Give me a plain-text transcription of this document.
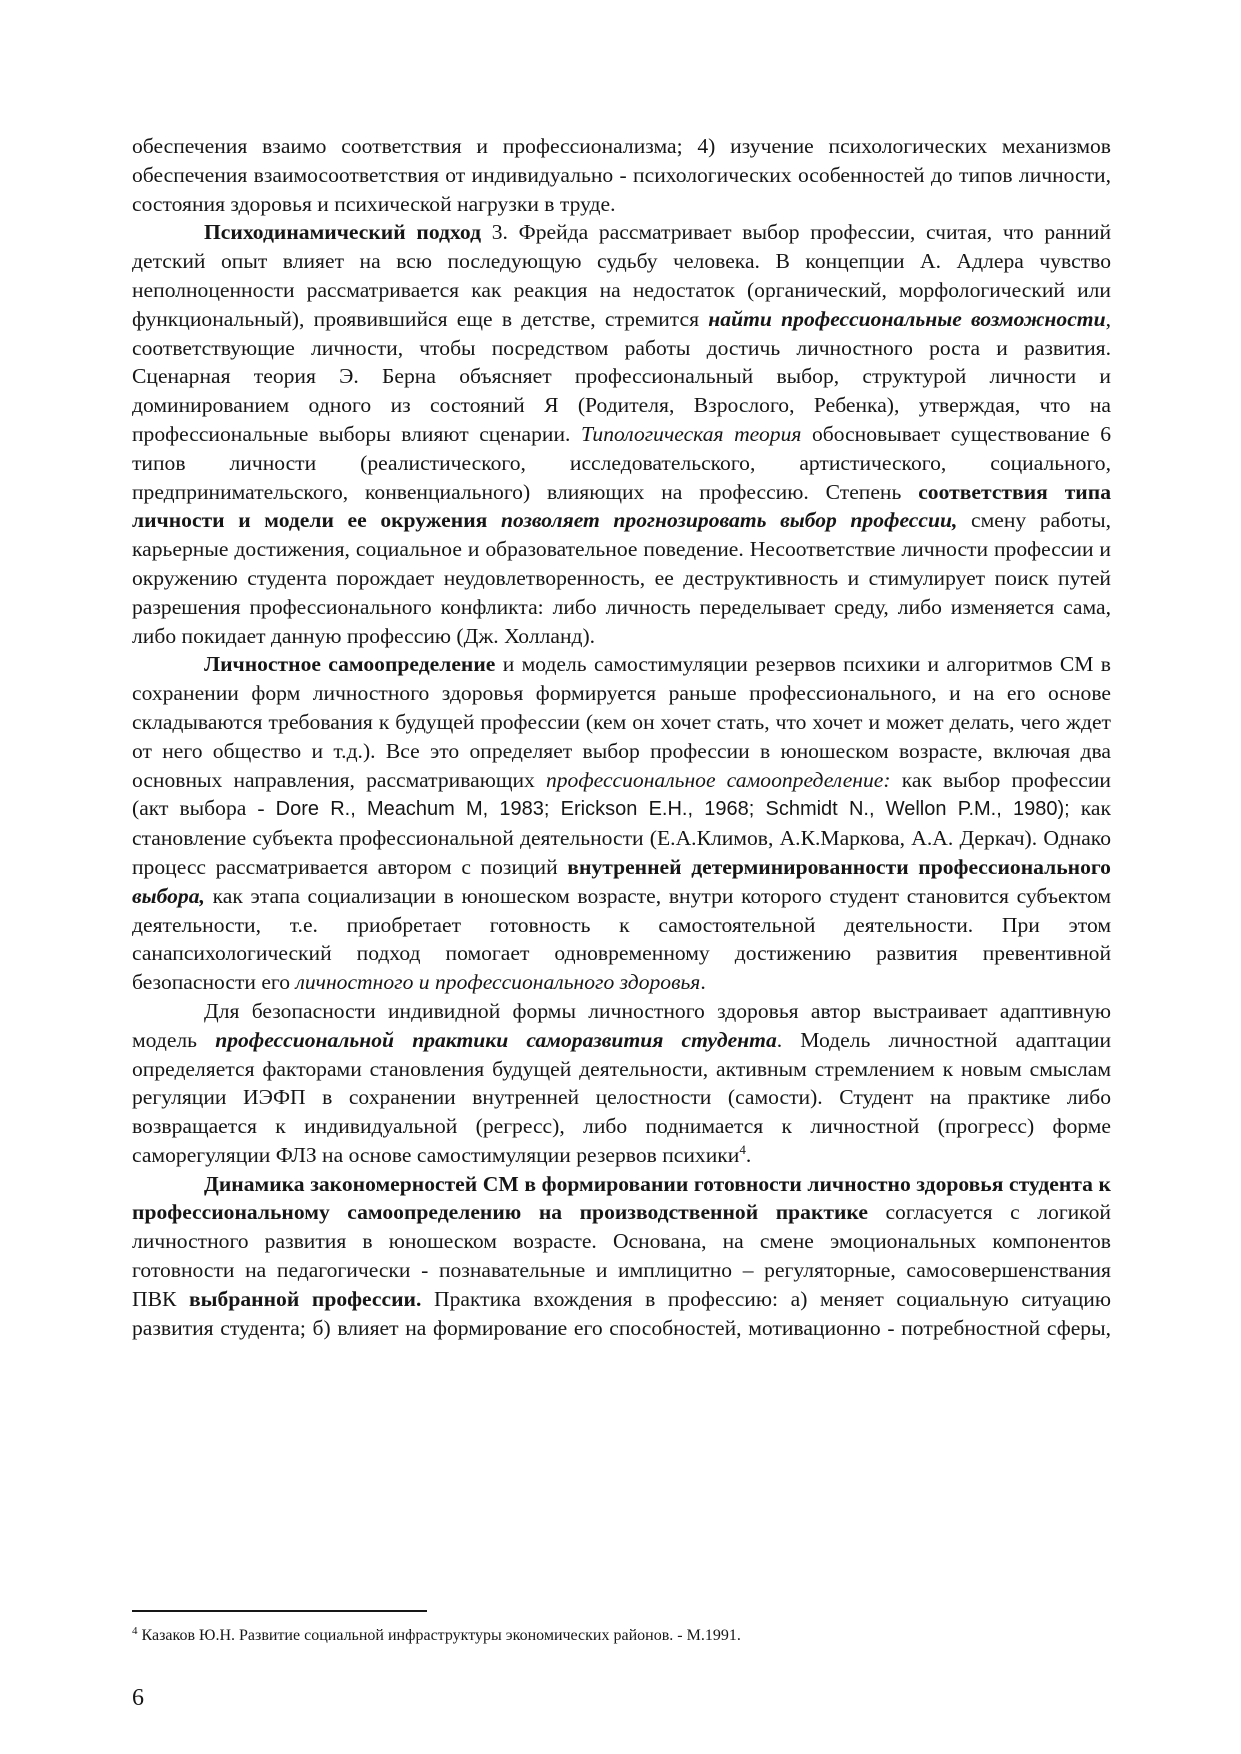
обеспечения взаимо соответствия и профессионализма; 4) изучение психологических механизмов обеспечения взаимосоответствия от индивидуально - психологических особенностей до типов личности, состояния здоровья и психической нагрузки в труде.

Психодинамический подход 3. Фрейда рассматривает выбор профессии, считая, что ранний детский опыт влияет на всю последующую судьбу человека. В концепции А. Адлера чувство неполноценности рассматривается как реакция на недостаток (органический, морфологический или функциональный), проявившийся еще в детстве, стремится найти профессиональные возможности, соответствующие личности, чтобы посредством работы достичь личностного роста и развития. Сценарная теория Э. Берна объясняет профессиональный выбор, структурой личности и доминированием одного из состояний Я (Родителя, Взрослого, Ребенка), утверждая, что на профессиональные выборы влияют сценарии. Типологическая теория обосновывает существование 6 типов личности (реалистического, исследовательского, артистического, социального, предпринимательского, конвенциального) влияющих на профессию. Степень соответствия типа личности и модели ее окружения позволяет прогнозировать выбор профессии, смену работы, карьерные достижения, социальное и образовательное поведение. Несоответствие личности профессии и окружению студента порождает неудовлетворенность, ее деструктивность и стимулирует поиск путей разрешения профессионального конфликта: либо личность переделывает среду, либо изменяется сама, либо покидает данную профессию (Дж. Холланд).

Личностное самоопределение и модель самостимуляции резервов психики и алгоритмов СМ в сохранении форм личностного здоровья формируется раньше профессионального, и на его основе складываются требования к будущей профессии (кем он хочет стать, что хочет и может делать, чего ждет от него общество и т.д.). Все это определяет выбор профессии в юношеском возрасте, включая два основных направления, рассматривающих профессиональное самоопределение: как выбор профессии (акт выбора - Dore R., Meachum M, 1983; Erickson E.H., 1968; Schmidt N., Wellon P.M., 1980); как становление субъекта профессиональной деятельности (Е.А.Климов, А.К.Маркова, А.А. Деркач). Однако процесс рассматривается автором с позиций внутренней детерминированности профессионального выбора, как этапа социализации в юношеском возрасте, внутри которого студент становится субъектом деятельности, т.е. приобретает готовность к самостоятельной деятельности. При этом санапсихологический подход помогает одновременному достижению развития превентивной безопасности его личностного и профессионального здоровья.

Для безопасности индивидной формы личностного здоровья автор выстраивает адаптивную модель профессиональной практики саморазвития студента. Модель личностной адаптации определяется факторами становления будущей деятельности, активным стремлением к новым смыслам регуляции ИЭФП в сохранении внутренней целостности (самости). Студент на практике либо возвращается к индивидуальной (регресс), либо поднимается к личностной (прогресс) форме саморегуляции ФЛЗ на основе самостимуляции резервов психики$^4$.

Динамика закономерностей СМ в формировании готовности личностно здоровья студента к профессиональному самоопределению на производственной практике согласуется с логикой личностного развития в юношеском возрасте. Основана, на смене эмоциональных компонентов готовности на педагогически - познавательные и имплицитно – регуляторные, самосовершенствания ПВК выбранной профессии. Практика вхождения в профессию: а) меняет социальную ситуацию развития студента; б) влияет на формирование его способностей, мотивационно - потребностной сферы,

$^4$ Казаков Ю.Н. Развитие социальной инфраструктуры экономических районов. - М.1991.
6
